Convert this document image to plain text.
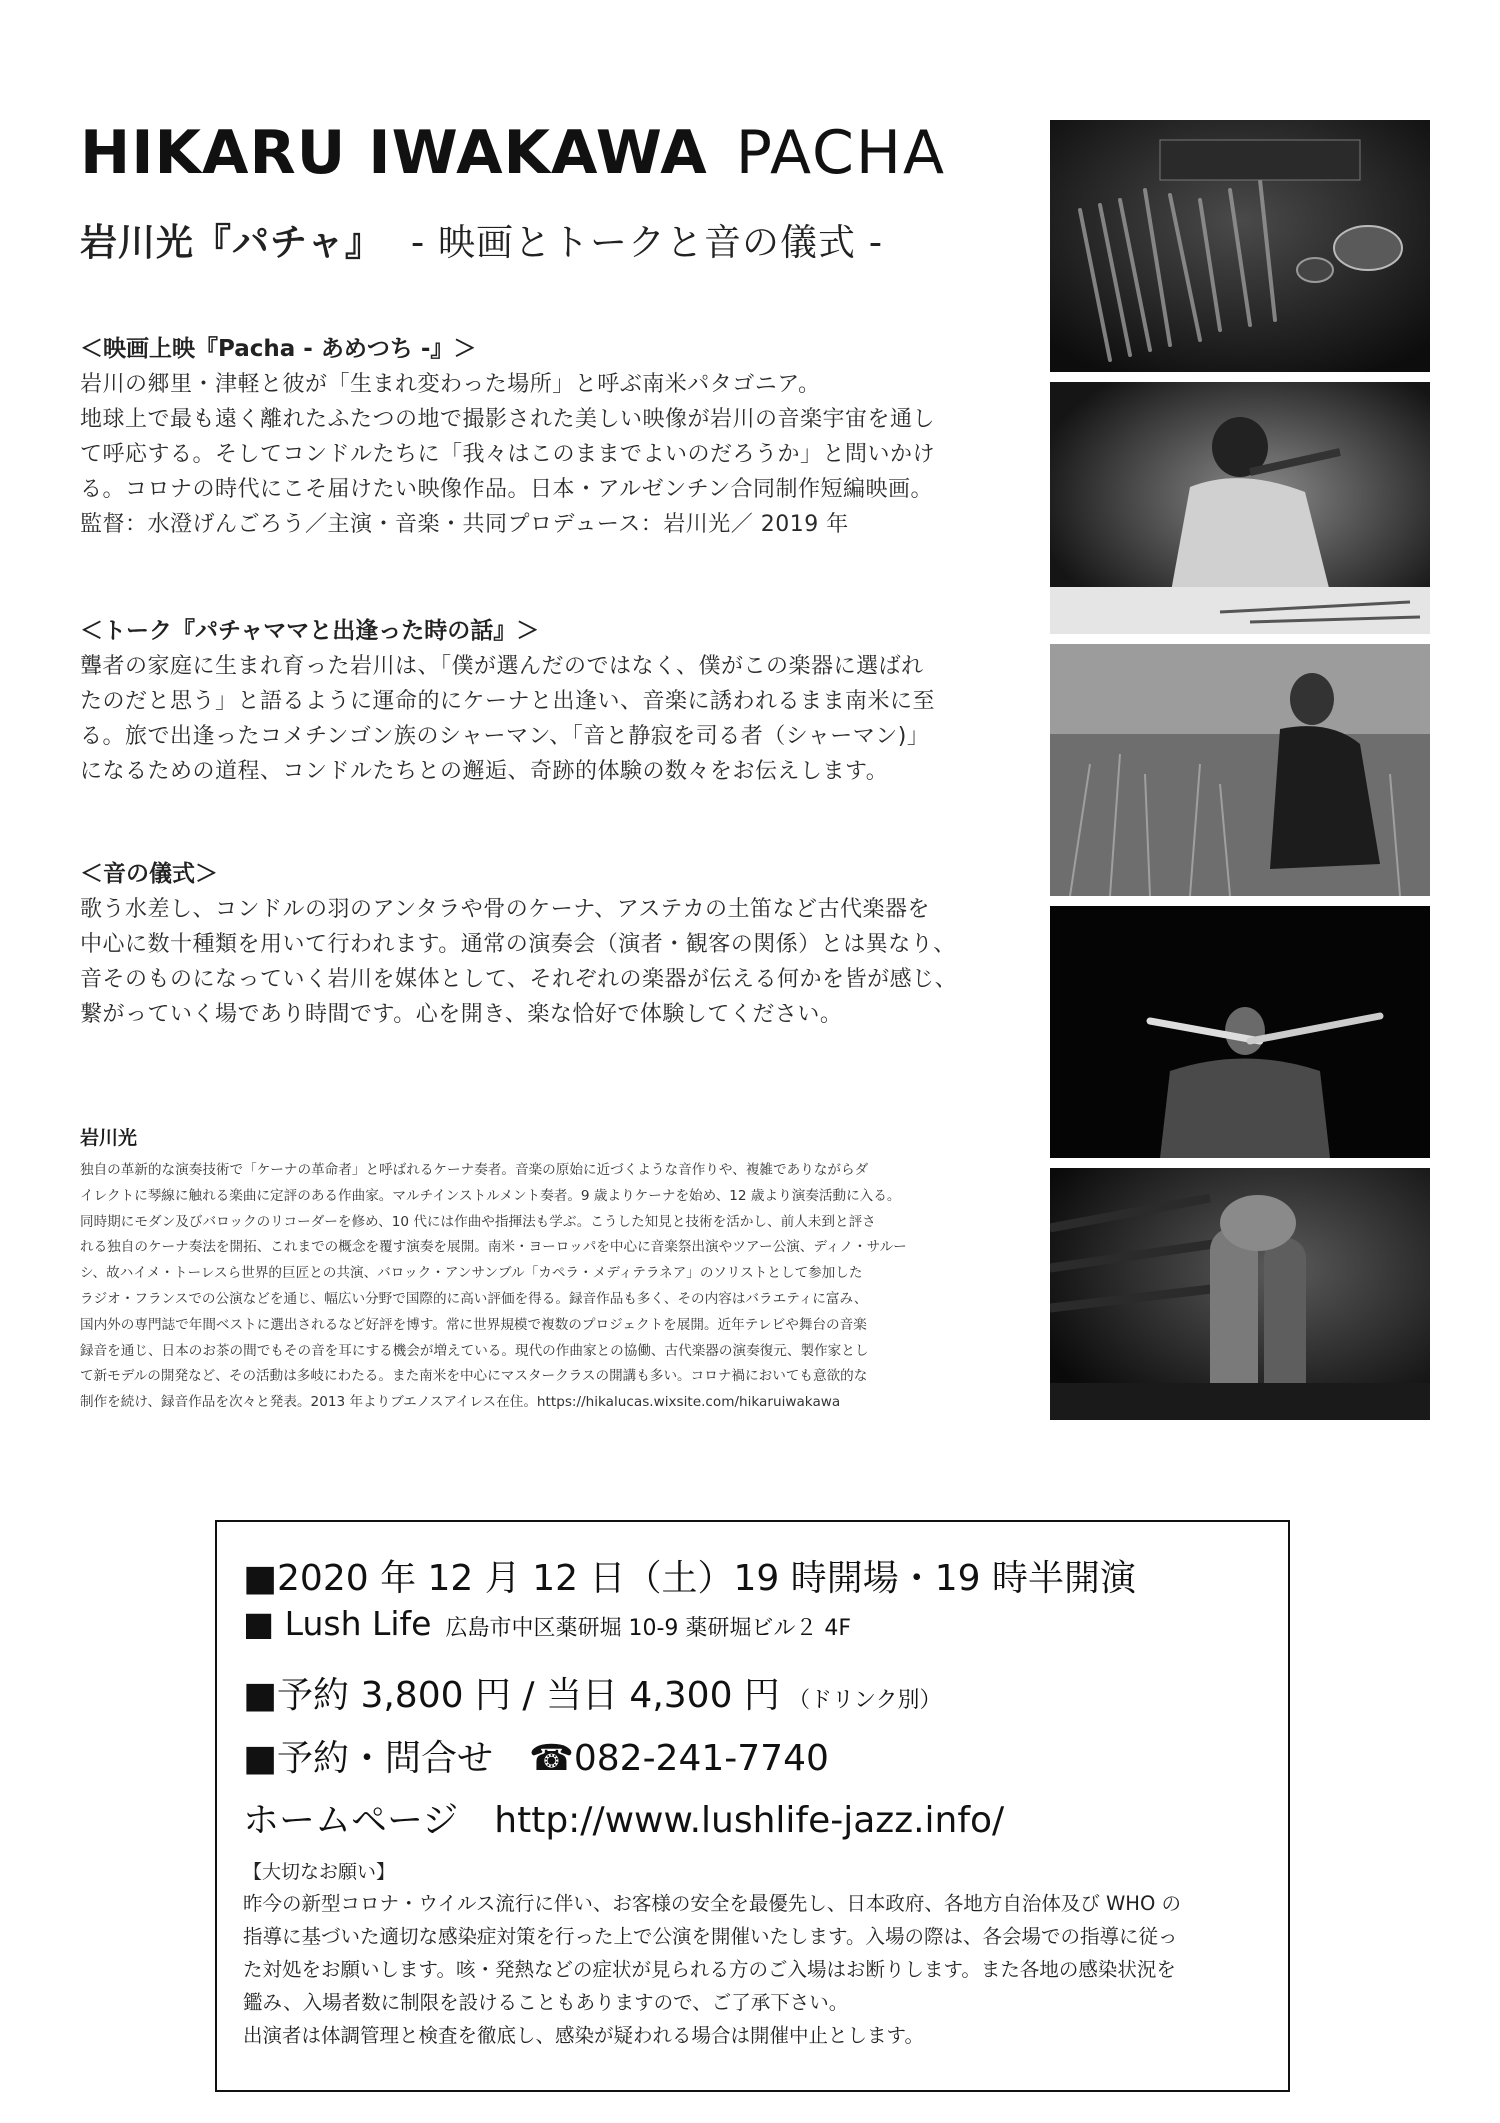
HIKARU IWAKAWA PACHA
岩川光『パチャ』 - 映画とトークと音の儀式 -

＜映画上映『Pacha - あめつち -』＞

岩川の郷里・津軽と彼が「生まれ変わった場所」と呼ぶ南米パタゴニア。
地球上で最も遠く離れたふたつの地で撮影された美しい映像が岩川の音楽宇宙を通し
て呼応する。そしてコンドルたちに「我々はこのままでよいのだろうか」と問いかけ
る。コロナの時代にこそ届けたい映像作品。日本・アルゼンチン合同制作短編映画。
監督：水澄げんごろう／主演・音楽・共同プロデュース：岩川光／ 2019 年

＜トーク『パチャママと出逢った時の話』＞

聾者の家庭に生まれ育った岩川は、「僕が選んだのではなく、僕がこの楽器に選ばれ
たのだと思う」と語るように運命的にケーナと出逢い、音楽に誘われるまま南米に至
る。旅で出逢ったコメチンゴン族のシャーマン、「音と静寂を司る者（シャーマン)」
になるための道程、コンドルたちとの邂逅、奇跡的体験の数々をお伝えします。

＜音の儀式＞

歌う水差し、コンドルの羽のアンタラや骨のケーナ、アステカの土笛など古代楽器を
中心に数十種類を用いて行われます。通常の演奏会（演者・観客の関係）とは異なり、
音そのものになっていく岩川を媒体として、それぞれの楽器が伝える何かを皆が感じ、
繋がっていく場であり時間です。心を開き、楽な恰好で体験してください。

岩川光

独自の革新的な演奏技術で「ケーナの革命者」と呼ばれるケーナ奏者。音楽の原始に近づくような音作りや、複雑でありながらダ
イレクトに琴線に触れる楽曲に定評のある作曲家。マルチインストルメント奏者。9 歳よりケーナを始め、12 歳より演奏活動に入る。
同時期にモダン及びバロックのリコーダーを修め、10 代には作曲や指揮法も学ぶ。こうした知見と技術を活かし、前人未到と評さ
れる独自のケーナ奏法を開拓、これまでの概念を覆す演奏を展開。南米・ヨーロッパを中心に音楽祭出演やツアー公演、ディノ・サルー
シ、故ハイメ・トーレスら世界的巨匠との共演、バロック・アンサンブル「カペラ・メディテラネア」のソリストとして参加した
ラジオ・フランスでの公演などを通じ、幅広い分野で国際的に高い評価を得る。録音作品も多く、その内容はバラエティに富み、
国内外の専門誌で年間ベストに選出されるなど好評を博す。常に世界規模で複数のプロジェクトを展開。近年テレビや舞台の音楽
録音を通じ、日本のお茶の間でもその音を耳にする機会が増えている。現代の作曲家との協働、古代楽器の演奏復元、製作家とし
て新モデルの開発など、その活動は多岐にわたる。また南米を中心にマスタークラスの開講も多い。コロナ禍においても意欲的な
制作を続け、録音作品を次々と発表。2013 年よりブエノスアイレス在住。https://hikalucas.wixsite.com/hikaruiwakawa

■2020 年 12 月 12 日（土）19 時開場・19 時半開演
■ Lush Life 広島市中区薬研堀 10-9 薬研堀ビル２ 4F
■予約 3,800 円 / 当日 4,300 円 （ドリンク別）
■予約・問合せ ☎082-241-7740
ホームページ http://www.lushlife-jazz.info/
【大切なお願い】

昨今の新型コロナ・ウイルス流行に伴い、お客様の安全を最優先し、日本政府、各地方自治体及び WHO の
指導に基づいた適切な感染症対策を行った上で公演を開催いたします。入場の際は、各会場での指導に従っ
た対処をお願いします。咳・発熱などの症状が見られる方のご入場はお断りします。また各地の感染状況を
鑑み、入場者数に制限を設けることもありますので、ご了承下さい。
出演者は体調管理と検査を徹底し、感染が疑われる場合は開催中止とします。
